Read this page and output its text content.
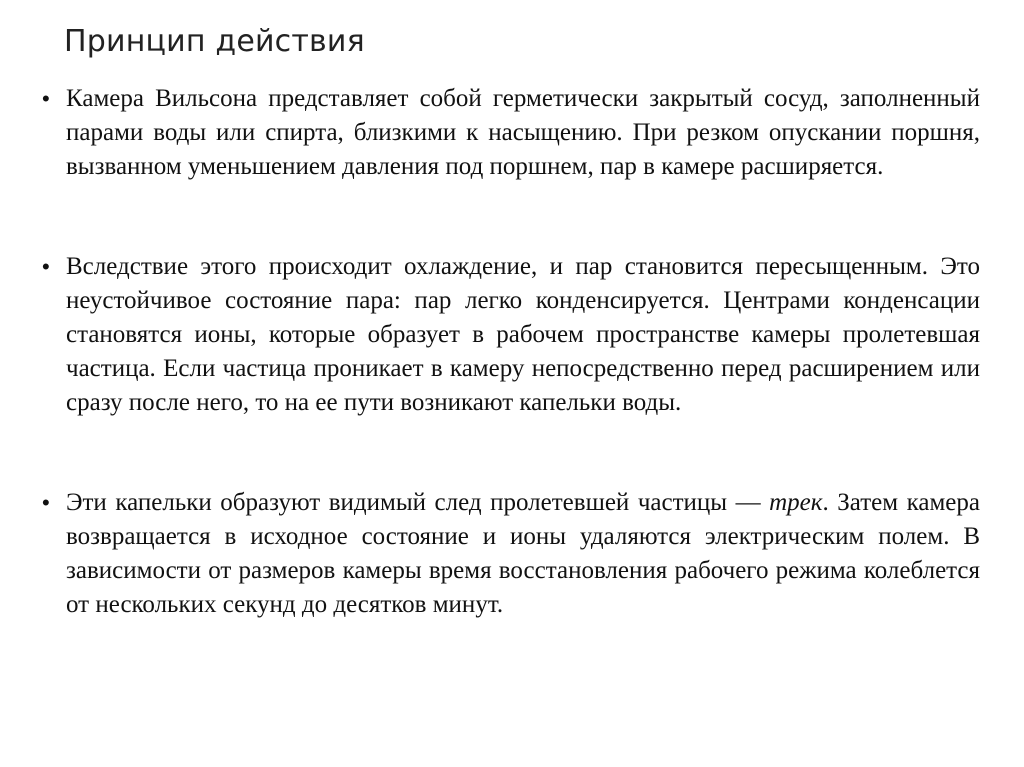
Принцип действия
• Камера Вильсона представляет собой герметически закрытый сосуд, заполненный парами воды или спирта, близкими к насыщению. При резком опускании поршня, вызванном уменьшением давления под поршнем, пар в камере расширяется.
• Вследствие этого происходит охлаждение, и пар становится пересыщенным. Это неустойчивое состояние пара: пар легко конденсируется. Центрами конденсации становятся ионы, которые образует в рабочем пространстве камеры пролетевшая частица. Если частица проникает в камеру непосредственно перед расширением или сразу после него, то на ее пути возникают капельки воды.
• Эти капельки образуют видимый след пролетевшей частицы — трек. Затем камера возвращается в исходное состояние и ионы удаляются электрическим полем. В зависимости от размеров камеры время восстановления рабочего режима колеблется от нескольких секунд до десятков минут.
